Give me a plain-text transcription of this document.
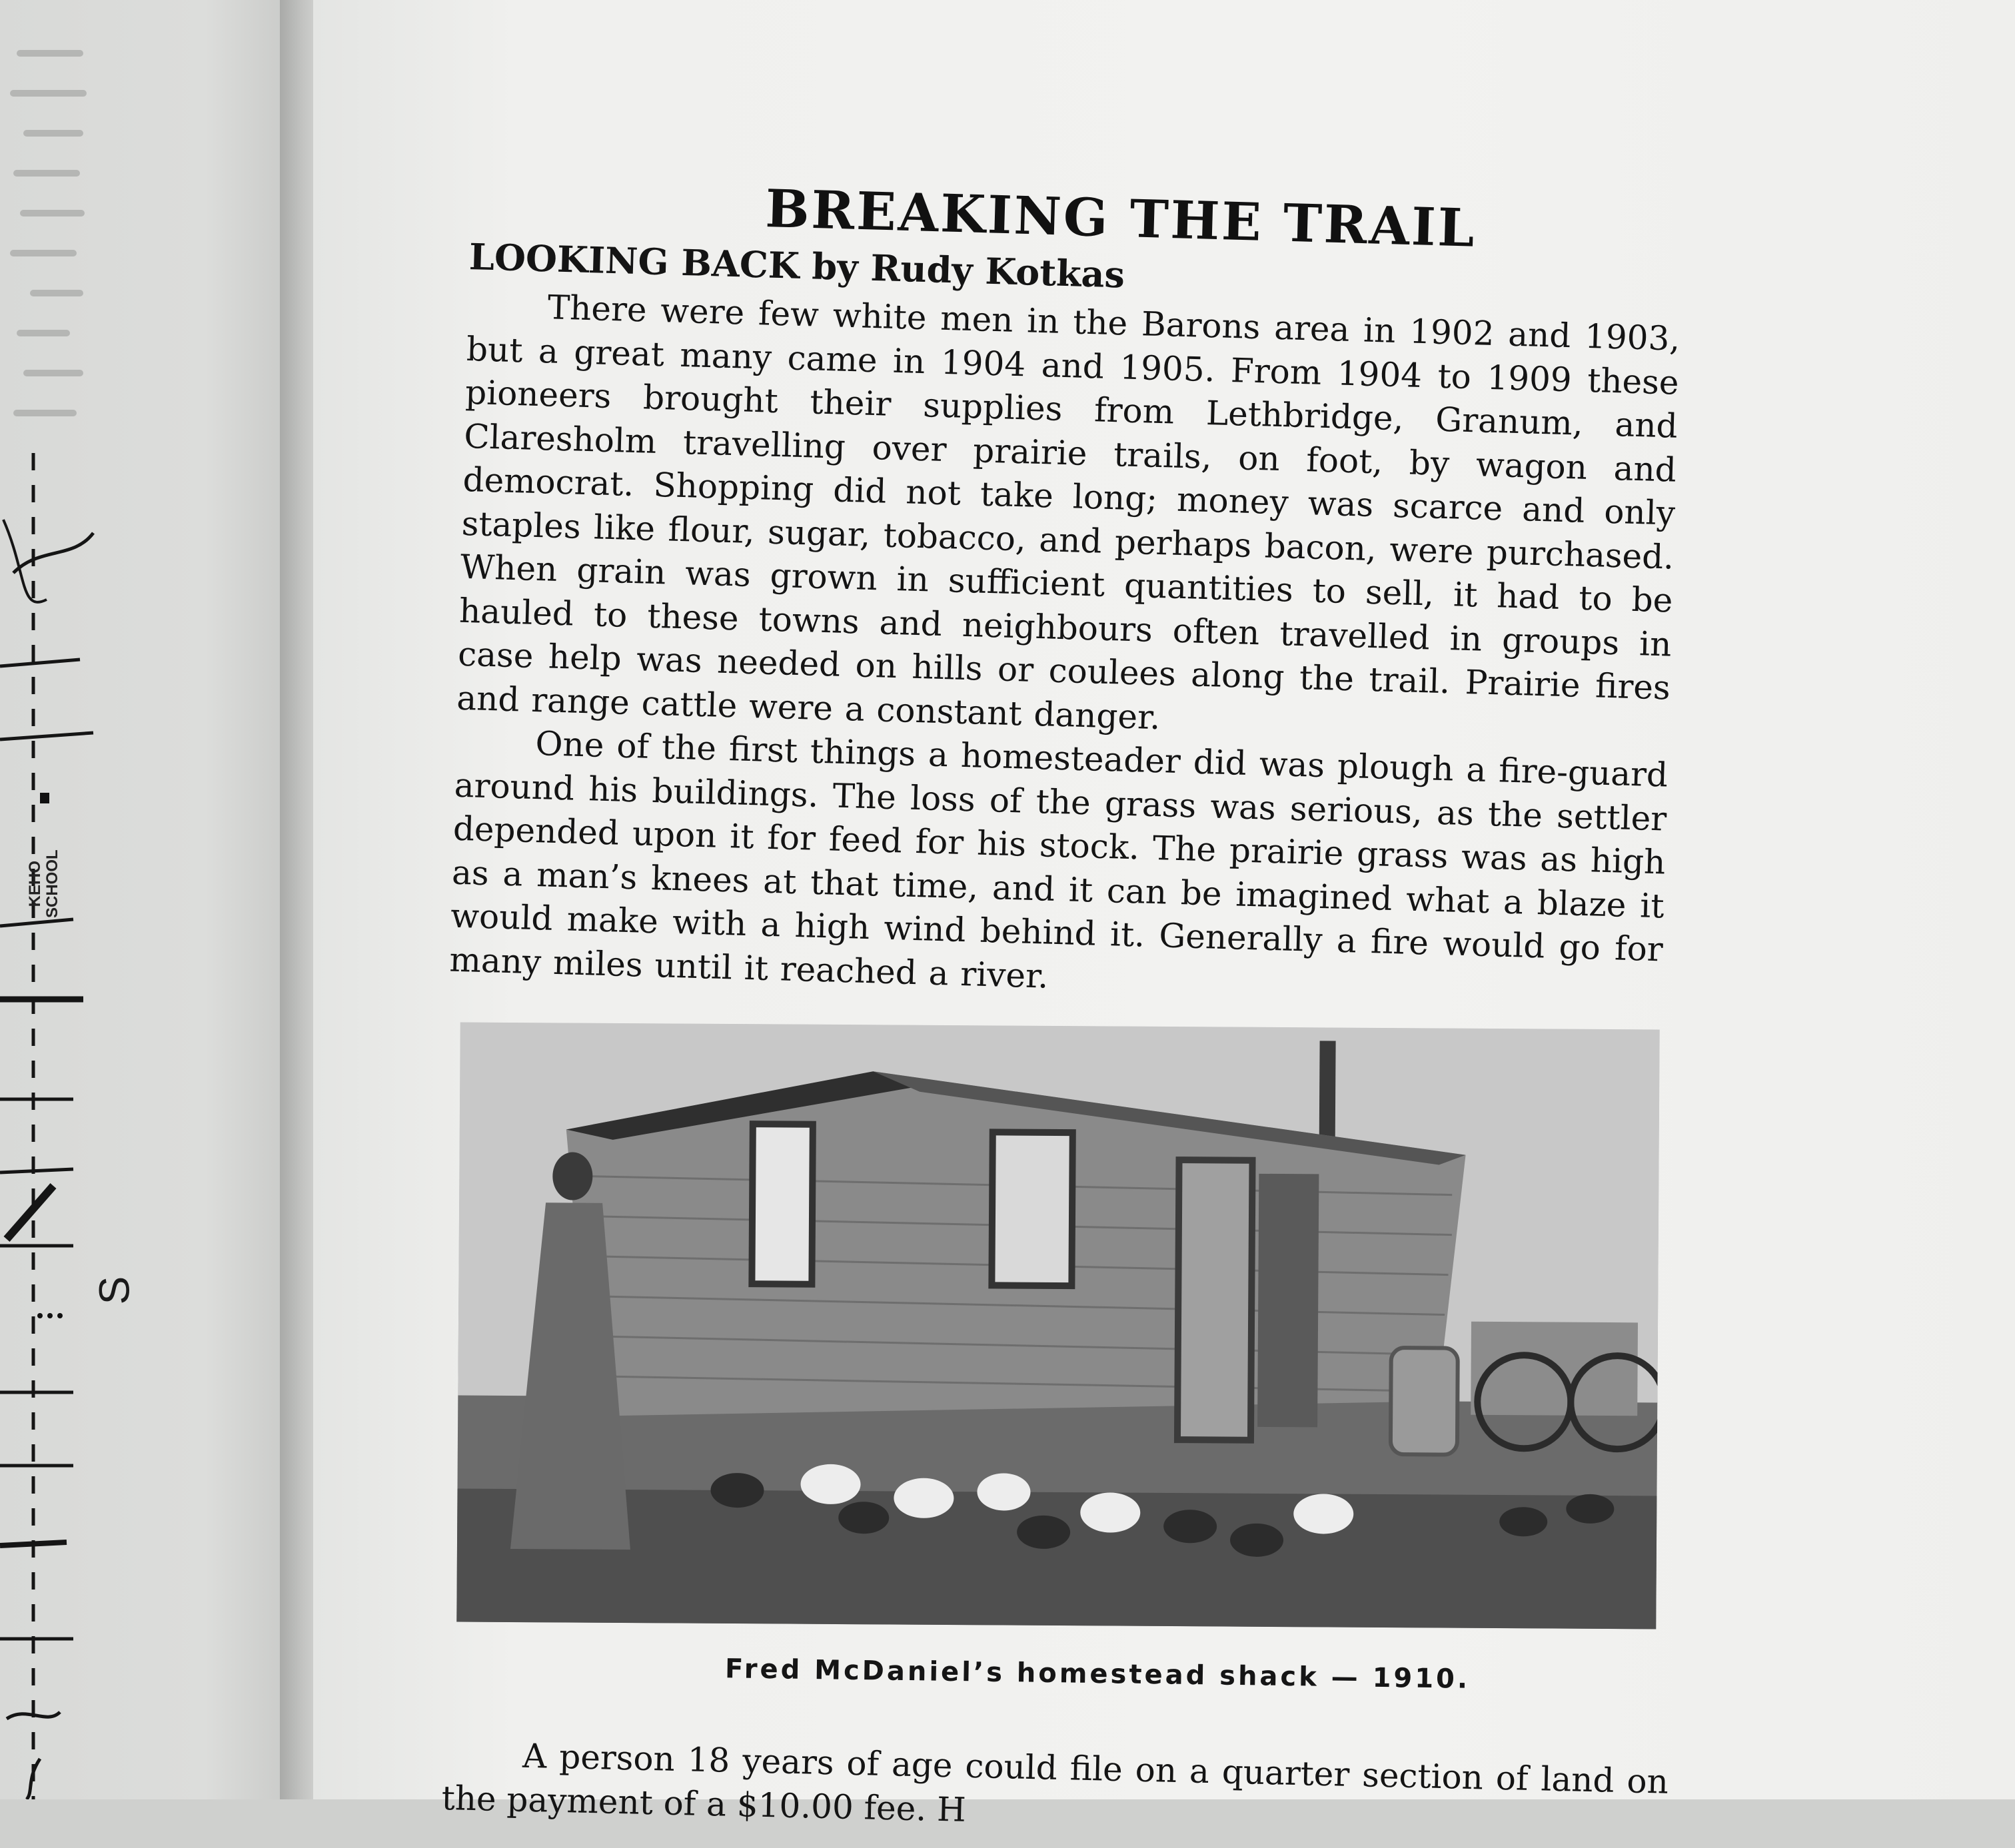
KEHO SCHOOL
S
BREAKING THE TRAIL

LOOKING BACK by Rudy Kotkas

There were few white men in the Barons area in 1902 and 1903, but a great many came in 1904 and 1905. From 1904 to 1909 these pioneers brought their supplies from Lethbridge, Granum, and Claresholm travelling over prairie trails, on foot, by wagon and democrat. Shopping did not take long; money was scarce and only staples like flour, sugar, tobacco, and perhaps bacon, were purchased. When grain was grown in sufficient quantities to sell, it had to be hauled to these towns and neighbours often travelled in groups in case help was needed on hills or coulees along the trail. Prairie fires and range cattle were a constant danger.

One of the first things a homesteader did was plough a fire-guard around his buildings. The loss of the grass was serious, as the settler depended upon it for feed for his stock. The prairie grass was as high as a man’s knees at that time, and it can be imagined what a blaze it would make with a high wind behind it. Generally a fire would go for many miles until it reached a river.

Fred McDaniel’s homestead shack — 1910.

A person 18 years of age could file on a quarter section of land on the payment of a $10.00 fee. H
